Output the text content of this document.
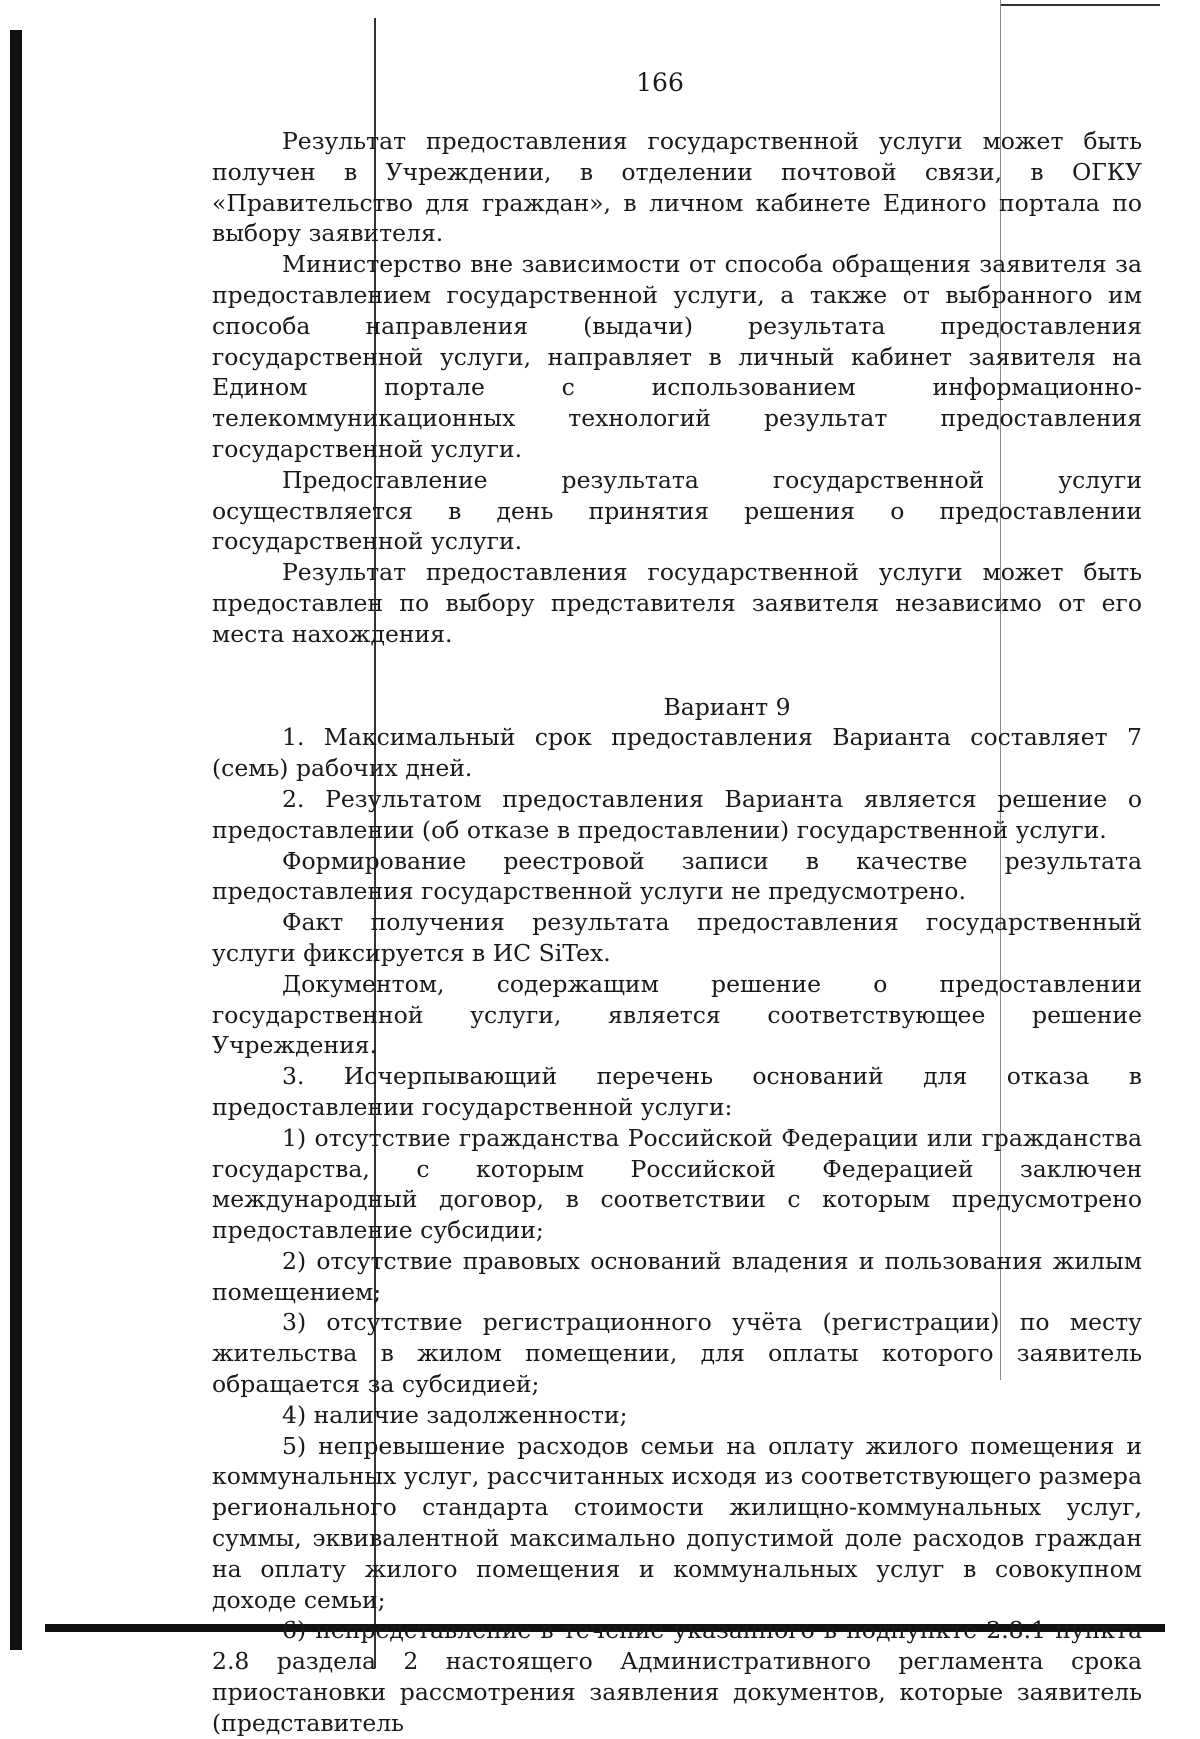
166

Результат предоставления государственной услуги может быть получен в Учреждении, в отделении почтовой связи, в ОГКУ «Правительство для граждан», в личном кабинете Единого портала по выбору заявителя.

Министерство вне зависимости от способа обращения заявителя за предоставлением государственной услуги, а также от выбранного им способа направления (выдачи) результата предоставления государственной услуги, направляет в личный кабинет заявителя на Едином портале с использованием информационно-телекоммуникационных технологий результат предоставления государственной услуги.

Предоставление результата государственной услуги осуществляется в день принятия решения о предоставлении государственной услуги.

Результат предоставления государственной услуги может быть предоставлен по выбору представителя заявителя независимо от его места нахождения.

Вариант 9

1. Максимальный срок предоставления Варианта составляет 7 (семь) рабочих дней.

2. Результатом предоставления Варианта является решение о предоставлении (об отказе в предоставлении) государственной услуги.

Формирование реестровой записи в качестве результата предоставления государственной услуги не предусмотрено.

Факт получения результата предоставления государственный услуги фиксируется в ИС SiTex.

Документом, содержащим решение о предоставлении государственной услуги, является соответствующее решение Учреждения.

3. Исчерпывающий перечень оснований для отказа в предоставлении государственной услуги:

1) отсутствие гражданства Российской Федерации или гражданства государства, с которым Российской Федерацией заключен международный договор, в соответствии с которым предусмотрено предоставление субсидии;

2) отсутствие правовых оснований владения и пользования жилым помещением;

3) отсутствие регистрационного учёта (регистрации) по месту жительства в жилом помещении, для оплаты которого заявитель обращается за субсидией;

4) наличие задолженности;

5) непревышение расходов семьи на оплату жилого помещения и коммунальных услуг, рассчитанных исходя из соответствующего размера регионального стандарта стоимости жилищно-коммунальных услуг, суммы, эквивалентной максимально допустимой доле расходов граждан на оплату жилого помещения и коммунальных услуг в совокупном доходе семьи;

6) непредставление в течение указанного в подпункте 2.8.1 пункта 2.8 раздела 2 настоящего Административного регламента срока приостановки рассмотрения заявления документов, которые заявитель (представитель
